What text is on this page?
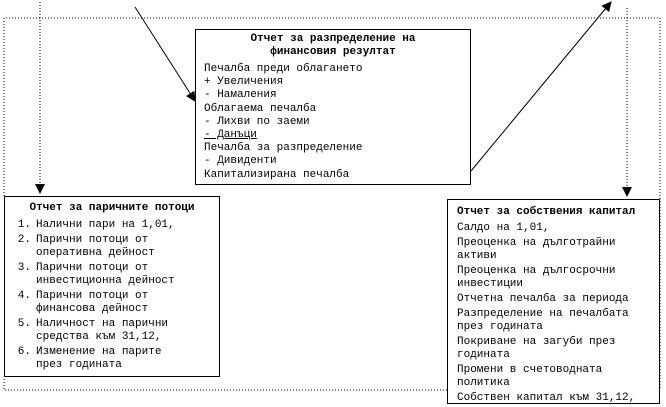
Отчет за разпределение на
финансовия резултат
Печалба преди облагането
+ Увеличения
- Намаления
Облагаема печалба
- Лихви по заеми
- Данъци
Печалба за разпределение
- Дивиденти
Капитализирана печалба
Отчет за паричните потоци
1. Налични пари на 1,01,
2. Парични потоци от
оперативна дейност
3. Парични потоци от
инвестиционна дейност
4. Парични потоци от
финансова дейност
5. Наличност на парични
средства към 31,12,
6. Изменение на парите
през годината
Отчет за собствения капитал
Салдо на 1,01,
Преоценка на дълготрайни
активи
Преоценка на дългосрочни
инвестиции
Отчетна печалба за периода
Разпределение на печалбата
през годината
Покриване на загуби през
годината
Промени в счетоводната
политика
Собствен капитал към 31,12,
